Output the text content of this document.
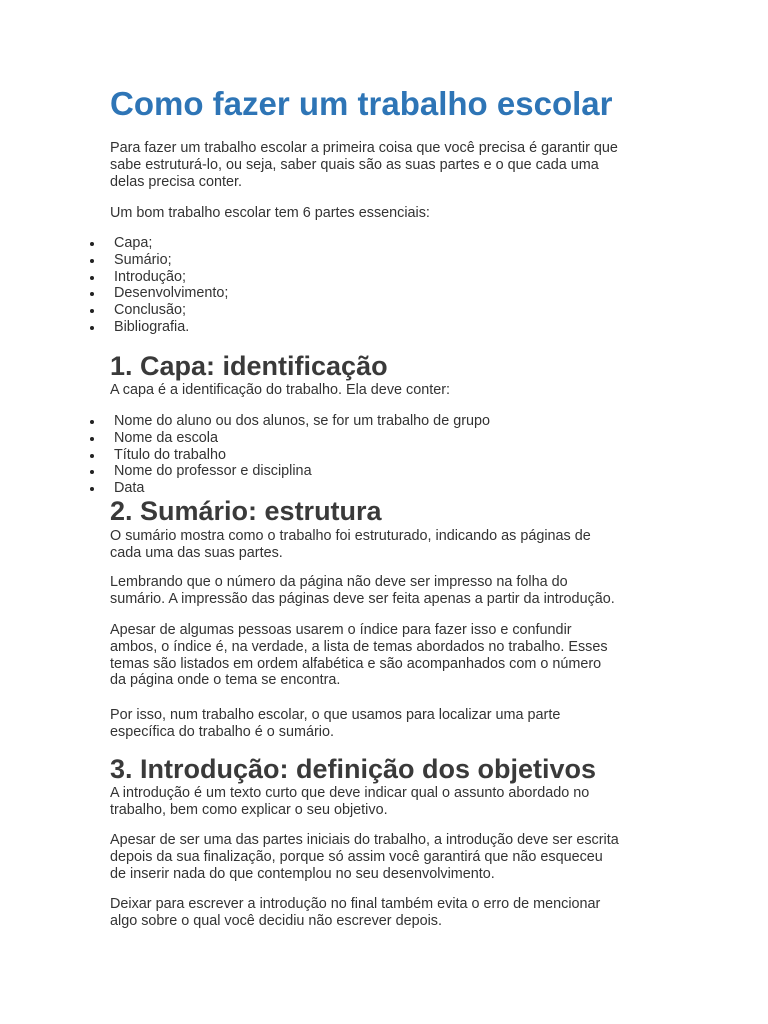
Como fazer um trabalho escolar

Para fazer um trabalho escolar a primeira coisa que você precisa é garantir que
sabe estruturá-lo, ou seja, saber quais são as suas partes e o que cada uma
delas precisa conter.

Um bom trabalho escolar tem 6 partes essenciais:

Capa;
Sumário;
Introdução;
Desenvolvimento;
Conclusão;
Bibliografia.
1. Capa: identificação

A capa é a identificação do trabalho. Ela deve conter:

Nome do aluno ou dos alunos, se for um trabalho de grupo
Nome da escola
Título do trabalho
Nome do professor e disciplina
Data
2. Sumário: estrutura

O sumário mostra como o trabalho foi estruturado, indicando as páginas de
cada uma das suas partes.

Lembrando que o número da página não deve ser impresso na folha do
sumário. A impressão das páginas deve ser feita apenas a partir da introdução.

Apesar de algumas pessoas usarem o índice para fazer isso e confundir
ambos, o índice é, na verdade, a lista de temas abordados no trabalho. Esses
temas são listados em ordem alfabética e são acompanhados com o número
da página onde o tema se encontra.

Por isso, num trabalho escolar, o que usamos para localizar uma parte
específica do trabalho é o sumário.

3. Introdução: definição dos objetivos

A introdução é um texto curto que deve indicar qual o assunto abordado no
trabalho, bem como explicar o seu objetivo.

Apesar de ser uma das partes iniciais do trabalho, a introdução deve ser escrita
depois da sua finalização, porque só assim você garantirá que não esqueceu
de inserir nada do que contemplou no seu desenvolvimento.

Deixar para escrever a introdução no final também evita o erro de mencionar
algo sobre o qual você decidiu não escrever depois.
